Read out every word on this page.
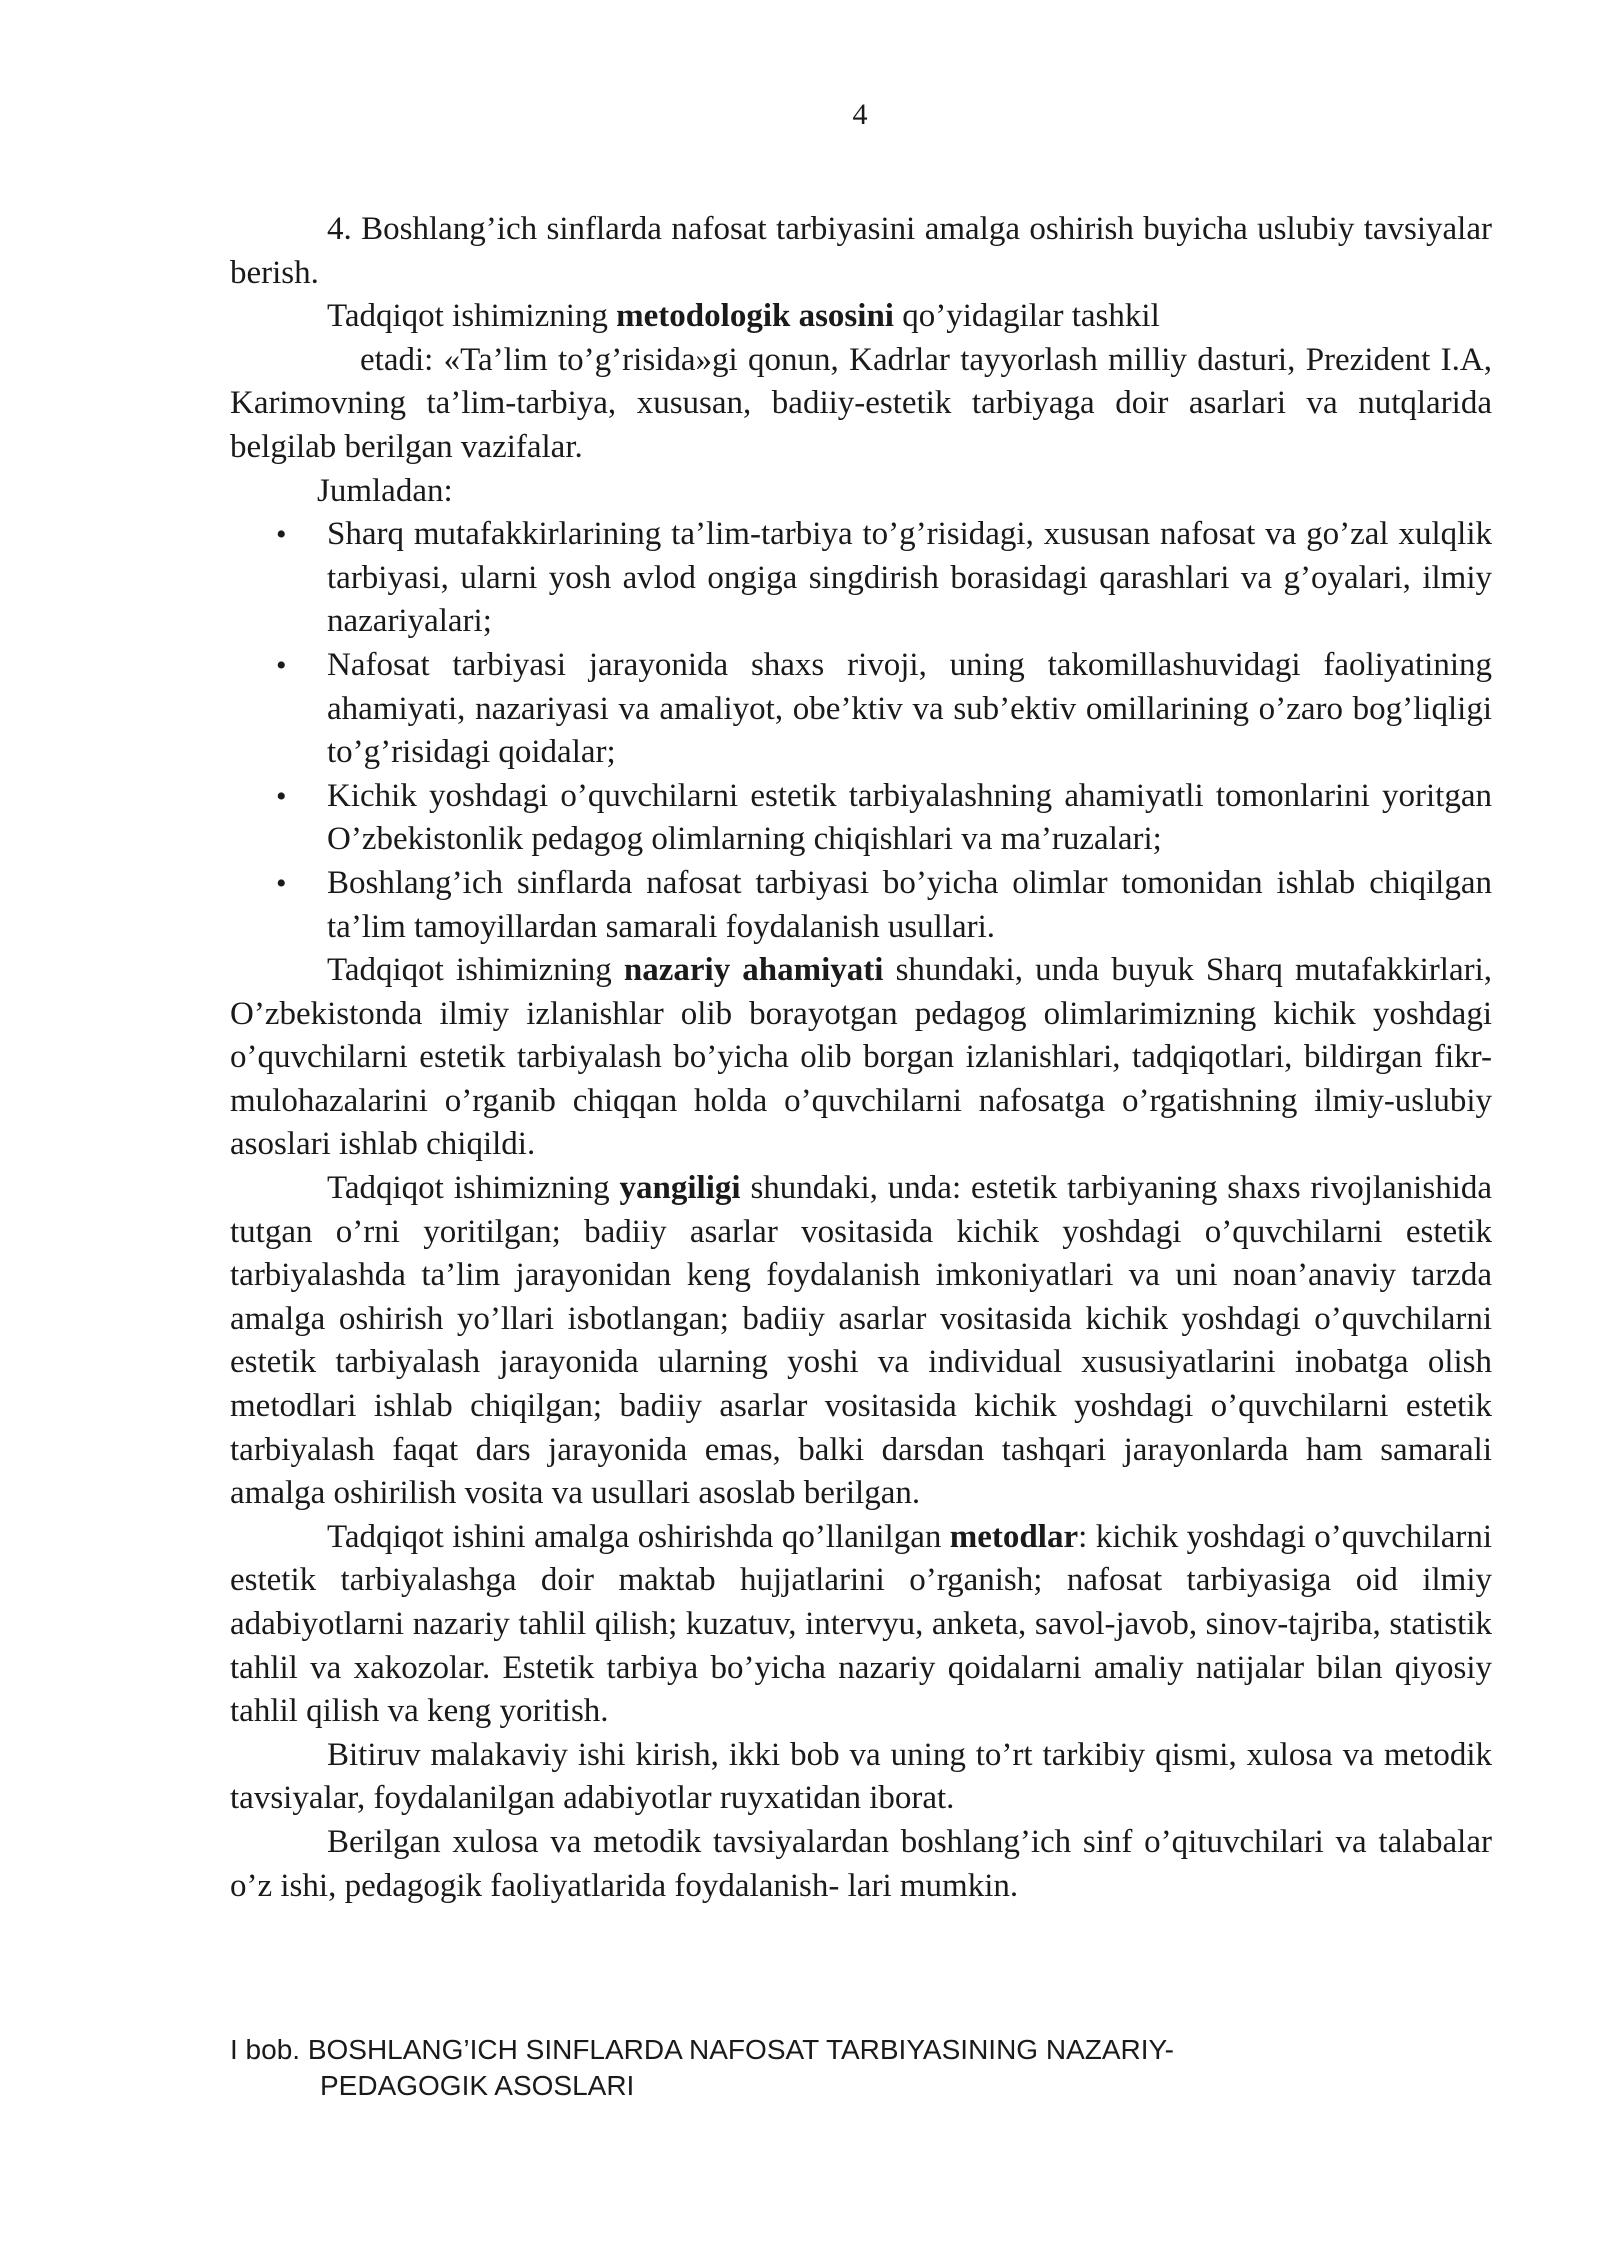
4

4. Boshlang’ich sinflarda nafosat tarbiyasini amalga oshirish buyicha uslubiy tavsiyalar berish.

Tadqiqot ishimizning metodologik asosini qo’yidagilar tashkil

etadi: «Ta’lim to’g’risida»gi qonun, Kadrlar tayyorlash milliy dasturi, Prezident I.A, Karimovning ta’lim-tarbiya, xususan, badiiy-estetik tarbiyaga doir asarlari va nutqlarida belgilab berilgan vazifalar.

Jumladan:

• Sharq mutafakkirlarining ta’lim-tarbiya to’g’risidagi, xususan nafosat va go’zal xulqlik tarbiyasi, ularni yosh avlod ongiga singdirish borasidagi qarashlari va g’oyalari, ilmiy nazariyalari;
• Nafosat tarbiyasi jarayonida shaxs rivoji, uning takomillashuvidagi faoliyatining ahamiyati, nazariyasi va amaliyot, obe’ktiv va sub’ektiv omillarining o’zaro bog’liqligi to’g’risidagi qoidalar;
• Kichik yoshdagi o’quvchilarni estetik tarbiyalashning ahamiyatli tomonlarini yoritgan O’zbekistonlik pedagog olimlarning chiqishlari va ma’ruzalari;
• Boshlang’ich sinflarda nafosat tarbiyasi bo’yicha olimlar tomonidan ishlab chiqilgan ta’lim tamoyillardan samarali foydalanish usullari.

Tadqiqot ishimizning nazariy ahamiyati shundaki, unda buyuk Sharq mutafakkirlari, O’zbekistonda ilmiy izlanishlar olib borayotgan pedagog olimlarimizning kichik yoshdagi o’quvchilarni estetik tarbiyalash bo’yicha olib borgan izlanishlari, tadqiqotlari, bildirgan fikr-mulohazalarini o’rganib chiqqan holda o’quvchilarni nafosatga o’rgatishning ilmiy-uslubiy asoslari ishlab chiqildi.

Tadqiqot ishimizning yangiligi shundaki, unda: estetik tarbiyaning shaxs rivojlanishida tutgan o’rni yoritilgan; badiiy asarlar vositasida kichik yoshdagi o’quvchilarni estetik tarbiyalashda ta’lim jarayonidan keng foydalanish imkoniyatlari va uni noan’anaviy tarzda amalga oshirish yo’llari isbotlangan; badiiy asarlar vositasida kichik yoshdagi o’quvchilarni estetik tarbiyalash jarayonida ularning yoshi va individual xususiyatlarini inobatga olish metodlari ishlab chiqilgan; badiiy asarlar vositasida kichik yoshdagi o’quvchilarni estetik tarbiyalash faqat dars jarayonida emas, balki darsdan tashqari jarayonlarda ham samarali amalga oshirilish vosita va usullari asoslab berilgan.

Tadqiqot ishini amalga oshirishda qo’llanilgan metodlar: kichik yoshdagi o’quvchilarni estetik tarbiyalashga doir maktab hujjatlarini o’rganish; nafosat tarbiyasiga oid ilmiy adabiyotlarni nazariy tahlil qilish; kuzatuv, intervyu, anketa, savol-javob, sinov-tajriba, statistik tahlil va xakozolar. Estetik tarbiya bo’yicha nazariy qoidalarni amaliy natijalar bilan qiyosiy tahlil qilish va keng yoritish.

Bitiruv malakaviy ishi kirish, ikki bob va uning to’rt tarkibiy qismi, xulosa va metodik tavsiyalar, foydalanilgan adabiyotlar ruyxatidan iborat.

Berilgan xulosa va metodik tavsiyalardan boshlang’ich sinf o’qituvchilari va talabalar o’z ishi, pedagogik faoliyatlarida foydalanish- lari mumkin.

I bob. BOSHLANG’ICH SINFLARDA NAFOSAT TARBIYASINING NAZARIY-
PEDAGOGIK ASOSLARI
